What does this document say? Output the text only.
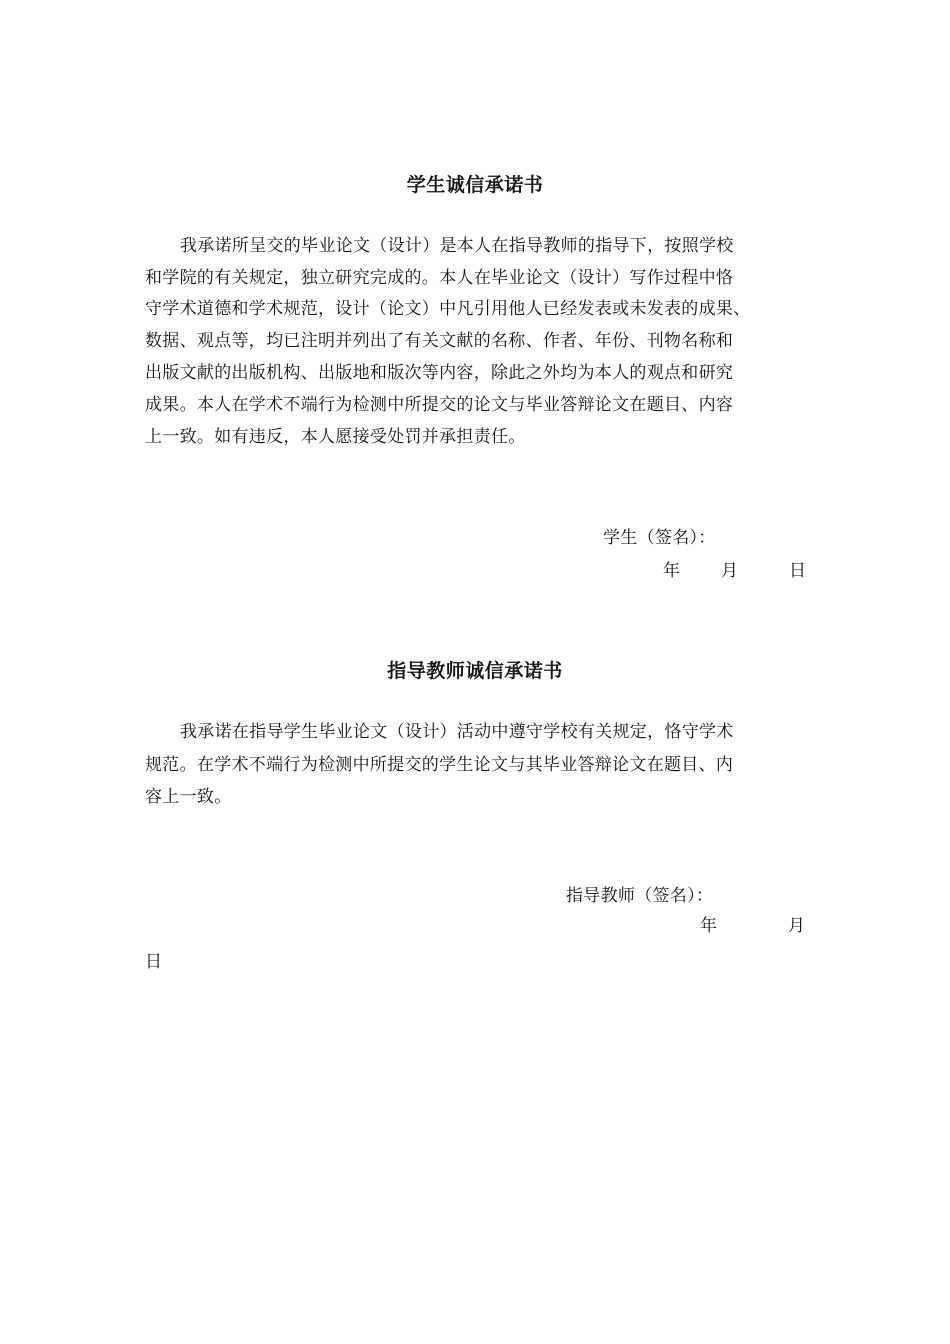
学生诚信承诺书
我承诺所呈交的毕业论文（设计）是本人在指导教师的指导下，按照学校
和学院的有关规定，独立研究完成的。本人在毕业论文（设计）写作过程中恪
守学术道德和学术规范，设计（论文）中凡引用他人已经发表或未发表的成果、
数据、观点等，均已注明并列出了有关文献的名称、作者、年份、刊物名称和
出版文献的出版机构、出版地和版次等内容，除此之外均为本人的观点和研究
成果。本人在学术不端行为检测中所提交的论文与毕业答辩论文在题目、内容
上一致。如有违反，本人愿接受处罚并承担责任。
学生（签名）：
年 月	日
指导教师诚信承诺书
我承诺在指导学生毕业论文（设计）活动中遵守学校有关规定，恪守学术
规范。在学术不端行为检测中所提交的学生论文与其毕业答辩论文在题目、内
容上一致。
指导教师（签名）：
年	月
日
